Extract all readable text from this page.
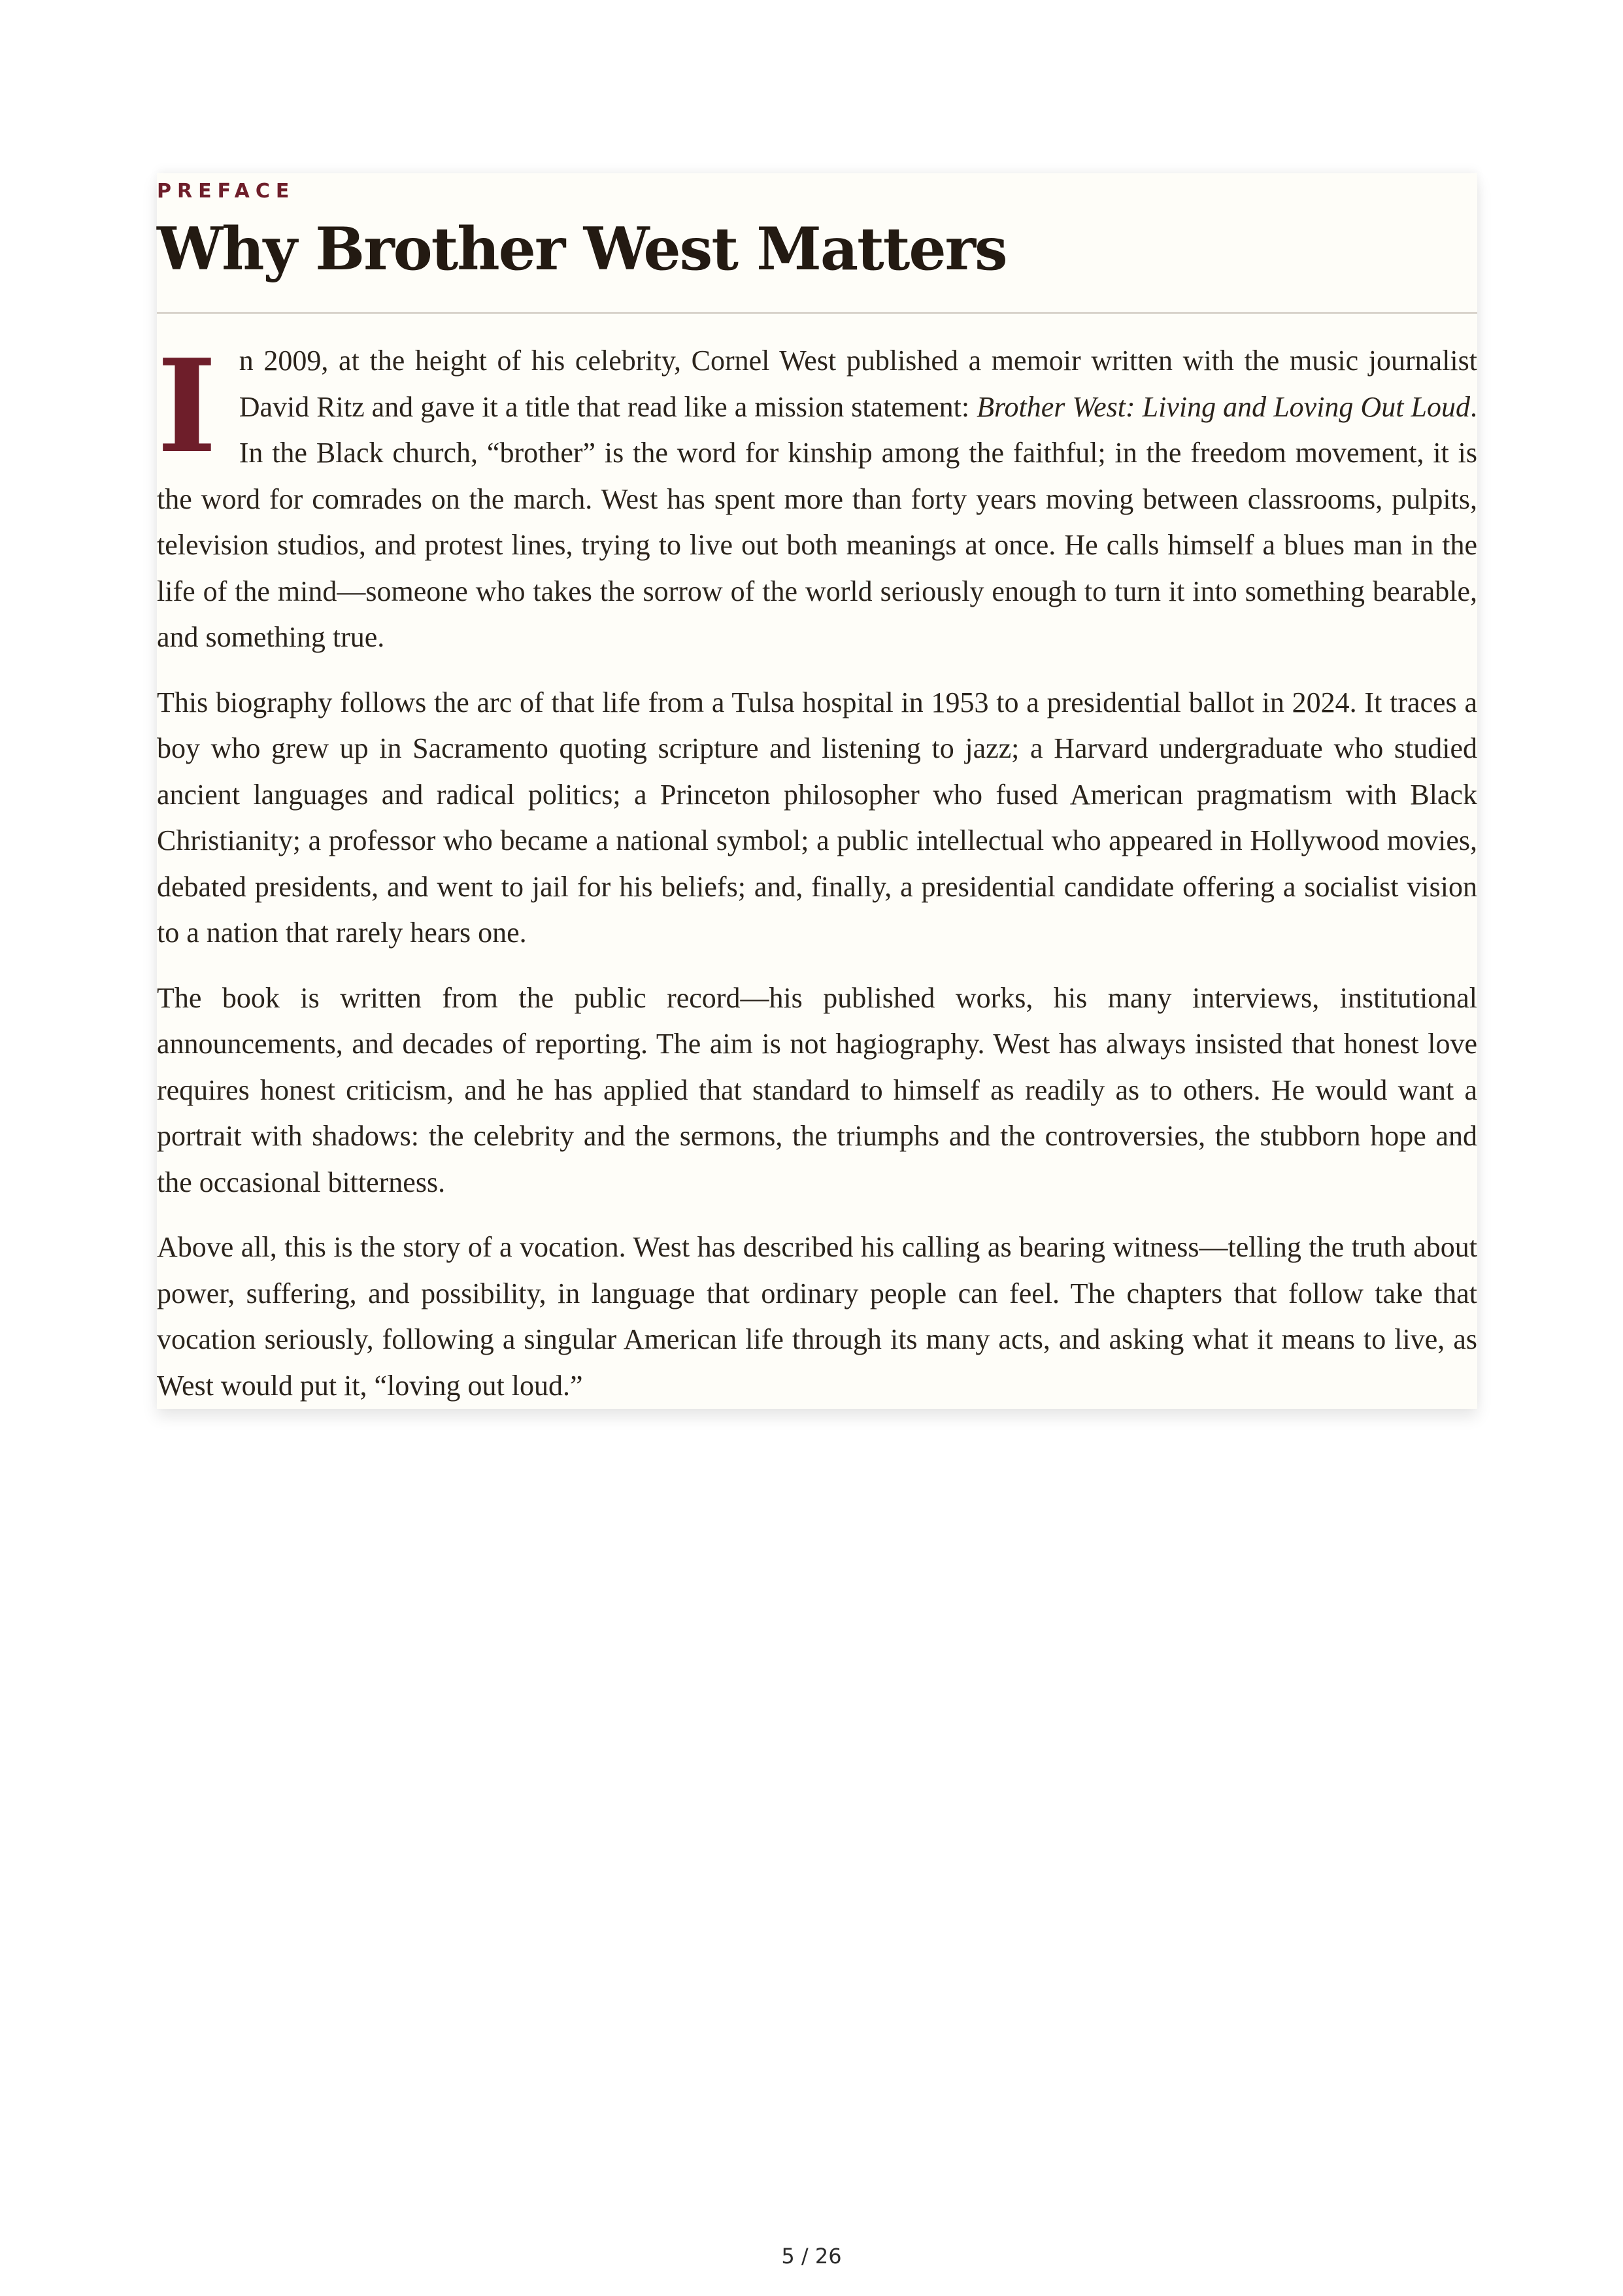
PREFACE
Why Brother West Matters

In 2009, at the height of his celebrity, Cornel West published a memoir written with the music journalist David Ritz and gave it a title that read like a mission statement: Brother West: Living and Loving Out Loud. In the Black church, “brother” is the word for kinship among the faithful; in the freedom movement, it is the word for comrades on the march. West has spent more than forty years moving between classrooms, pulpits, television studios, and protest lines, trying to live out both meanings at once. He calls himself a blues man in the life of the mind—someone who takes the sorrow of the world seriously enough to turn it into something bearable, and something true.

This biography follows the arc of that life from a Tulsa hospital in 1953 to a presidential ballot in 2024. It traces a boy who grew up in Sacramento quoting scripture and listening to jazz; a Harvard undergraduate who studied ancient languages and radical politics; a Princeton philosopher who fused American pragmatism with Black Christianity; a professor who became a national symbol; a public intellectual who appeared in Hollywood movies, debated presidents, and went to jail for his beliefs; and, finally, a presidential candidate offering a socialist vision to a nation that rarely hears one.

The book is written from the public record—his published works, his many interviews, institutional announcements, and decades of reporting. The aim is not hagiography. West has always insisted that honest love requires honest criticism, and he has applied that standard to himself as readily as to others. He would want a portrait with shadows: the celebrity and the sermons, the triumphs and the controversies, the stubborn hope and the occasional bitterness.

Above all, this is the story of a vocation. West has described his calling as bearing witness—telling the truth about power, suffering, and possibility, in language that ordinary people can feel. The chapters that follow take that vocation seriously, following a singular American life through its many acts, and asking what it means to live, as West would put it, “loving out loud.”

5 / 26
